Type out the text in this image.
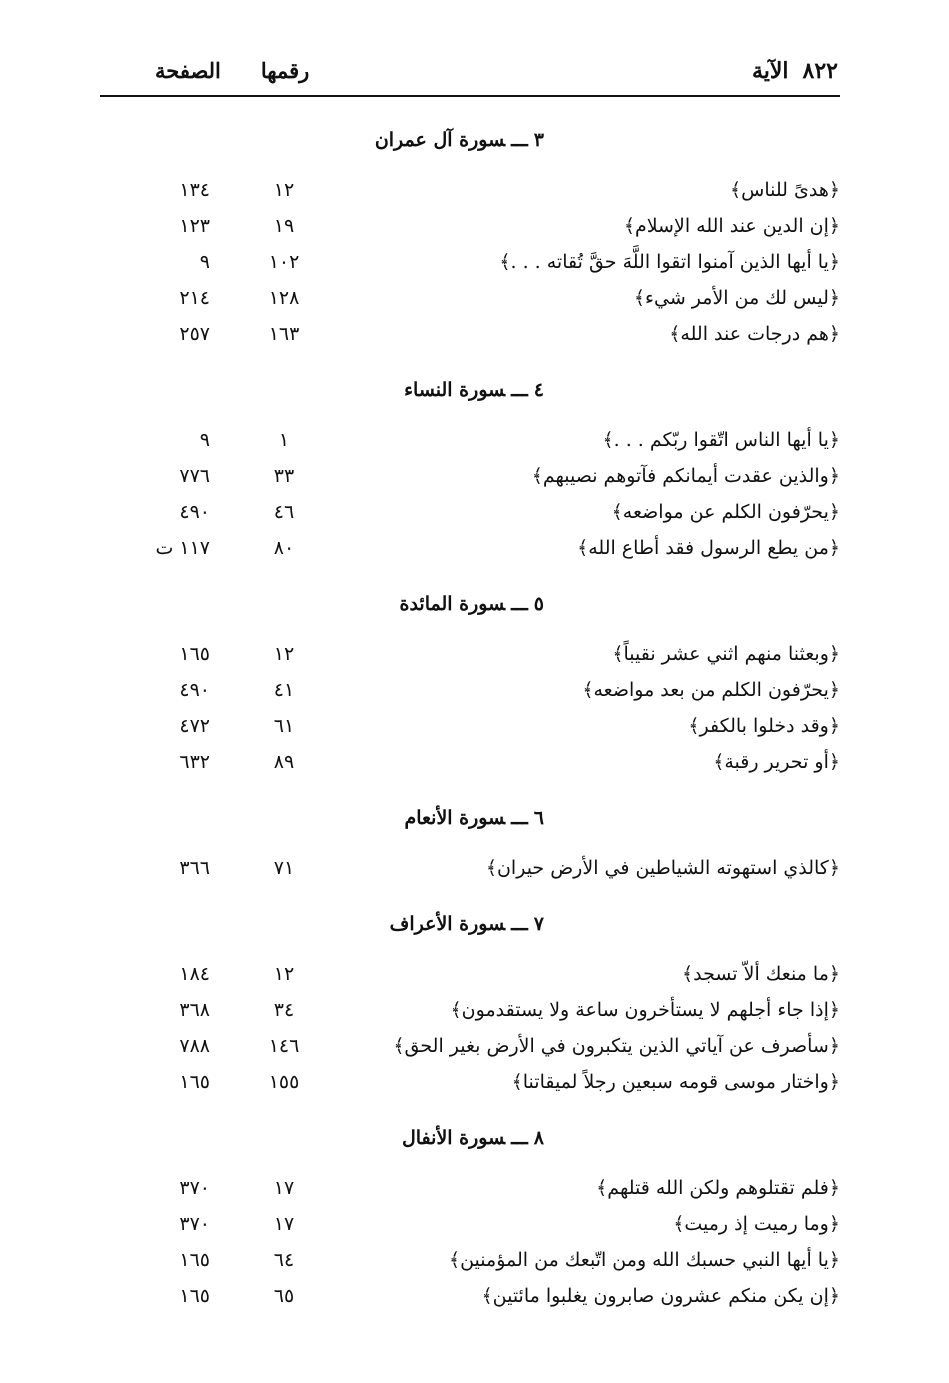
رقمها
الصفحة	٨٢٢
الآية
٣ـــسورة آل عمران
﴿هدىً للناس﴾
١٢
١٣٤
﴿إن الدين عند الله الإسلام﴾
١٩
١٢٣
﴿يا أيها الذين آمنوا اتقوا اللَّهَ حقَّ تُقاته . . .﴾
١٠٢
٩
﴿ليس لك من الأمر شيء﴾
١٢٨
٢١٤
﴿هم درجات عند الله﴾
١٦٣
٢٥٧
٤ـــسورة النساء
﴿يا أيها الناس اتّقوا ربّكم . . .﴾
١
٩
﴿والذين عقدت أيمانكم فآتوهم نصيبهم﴾
٣٣
٧٧٦
﴿يحرّفون الكلم عن مواضعه﴾
٤٦
٤٩٠
﴿من يطع الرسول فقد أطاع الله﴾
٨٠
١١٧ ت
٥ـــسورة المائدة
﴿وبعثنا منهم اثني عشر نقيباً﴾
١٢
١٦٥
﴿يحرّفون الكلم من بعد مواضعه﴾
٤١
٤٩٠
﴿وقد دخلوا بالكفر﴾
٦١
٤٧٢
﴿أو تحرير رقبة﴾
٨٩
٦٣٢
٦ـــسورة الأنعام
﴿كالذي استهوته الشياطين في الأرض حيران﴾
٧١
٣٦٦
٧ـــسورة الأعراف
﴿ما منعك ألاّ تسجد﴾
١٢
١٨٤
﴿إذا جاء أجلهم لا يستأخرون ساعة ولا يستقدمون﴾
٣٤
٣٦٨
﴿سأصرف عن آياتي الذين يتكبرون في الأرض بغير الحق﴾
١٤٦
٧٨٨
﴿واختار موسى قومه سبعين رجلاً لميقاتنا﴾
١٥٥
١٦٥
٨ـــسورة الأنفال
﴿فلم تقتلوهم ولكن الله قتلهم﴾
١٧
٣٧٠
﴿وما رميت إذ رميت﴾
١٧
٣٧٠
﴿يا أيها النبي حسبك الله ومن اتّبعك من المؤمنين﴾
٦٤
١٦٥
﴿إن يكن منكم عشرون صابرون يغلبوا مائتين﴾
٦٥
١٦٥
